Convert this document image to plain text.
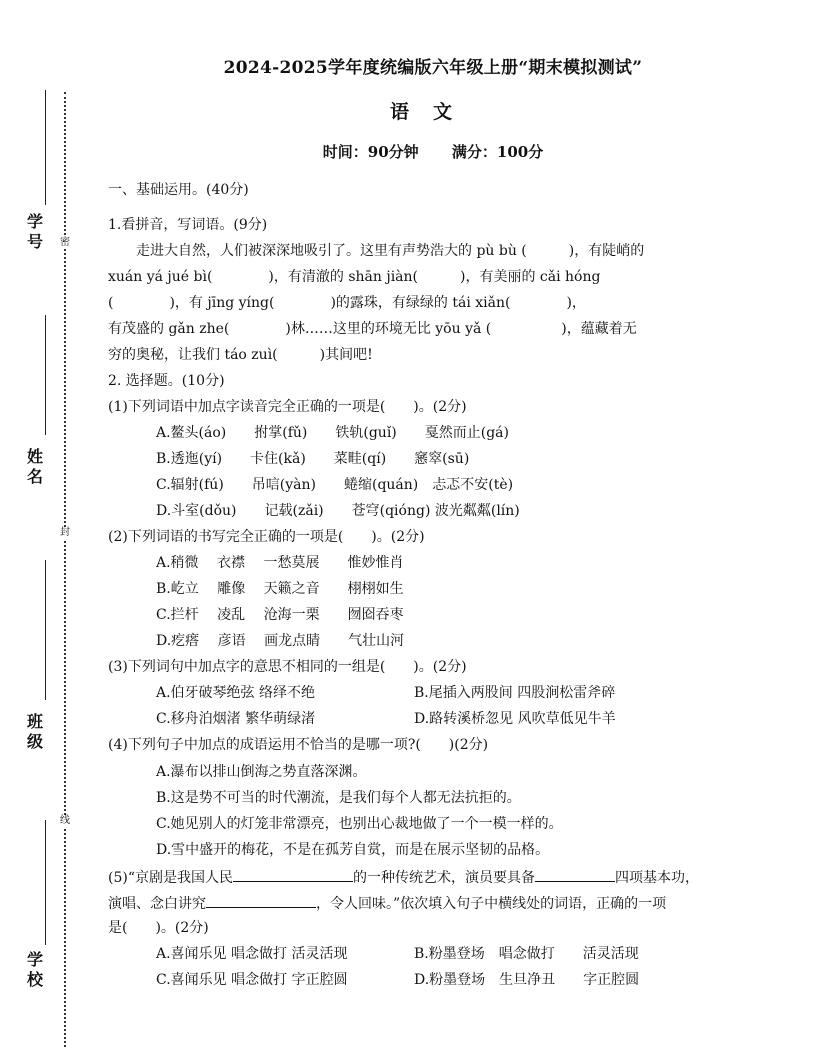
学号
姓名
班级
学校
密
封
线
2024-2025学年度统编版六年级上册“期末模拟测试”
语文
时间：90分钟 满分：100分
一、基础运用。(40分)
1.看拼音，写词语。(9分)
　　走进大自然，人们被深深地吸引了。这里有声势浩大的 pù bù (　　　)，有陡峭的
xuán yá jué bì(　　　　)，有清澈的 shān jiàn(　　　)，有美丽的 cǎi hóng
(　　　　)，有 jīng yíng(　　　　)的露珠，有绿绿的 tái xiǎn(　　　　)，
有茂盛的 gǎn zhe(　　　　)林……这里的环境无比 yōu yǎ (　　　　　)，蕴藏着无
穷的奥秘，让我们 táo zuì(　　　)其间吧!
2. 选择题。(10分)
(1)下列词语中加点字读音完全正确的一项是(　　)。(2分)
A.鳌头(áo)　　拊掌(fǔ)　　铁轨(guǐ)　　戛然而止(gá)
B.透迤(yí)　　卡住(kǎ)　　菜畦(qí)　　窸窣(sū)
C.辐射(fú)　　吊唁(yàn)　　蜷缩(quán)　忐忑不安(tè)
D.斗室(dǒu)　　记载(zǎi)　　苍穹(qióng) 波光粼粼(lín)
(2)下列词语的书写完全正确的一项是(　　)。(2分)
A.稍微　 衣襟　 一愁莫展　　惟妙惟肖
B.屹立　 雕像　 天籁之音　　栩栩如生
C.拦杆　 凌乱　 沧海一栗　　囫囵吞枣
D.疙瘩　 彦语　 画龙点睛　　气壮山河
(3)下列词句中加点字的意思不相同的一组是(　　)。(2分)
A.伯牙破琴绝弦 络绎不绝	B.尾插入两股间 四股涧松雷斧碎
C.移舟泊烟渚 繁华萌绿渚	D.路转溪桥忽见 风吹草低见牛羊
(4)下列句子中加点的成语运用不恰当的是哪一项?(　　)(2分)
A.瀑布以排山倒海之势直落深渊。
B.这是势不可当的时代潮流，是我们每个人都无法抗拒的。
C.她见别人的灯笼非常漂亮，也别出心裁地做了一个一模一样的。
D.雪中盛开的梅花，不是在孤芳自赏，而是在展示坚韧的品格。
(5)“京剧是我国人民	的一种传统艺术，演员要具备	四项基本功，
演唱、念白讲究	，令人回味。”依次填入句子中横线处的词语，正确的一项
是(　　)。(2分)
A.喜闻乐见 唱念做打 活灵活现	B.粉墨登场　唱念做打　　活灵活现
C.喜闻乐见 唱念做打 字正腔圆	D.粉墨登场　生旦净丑　　字正腔圆
